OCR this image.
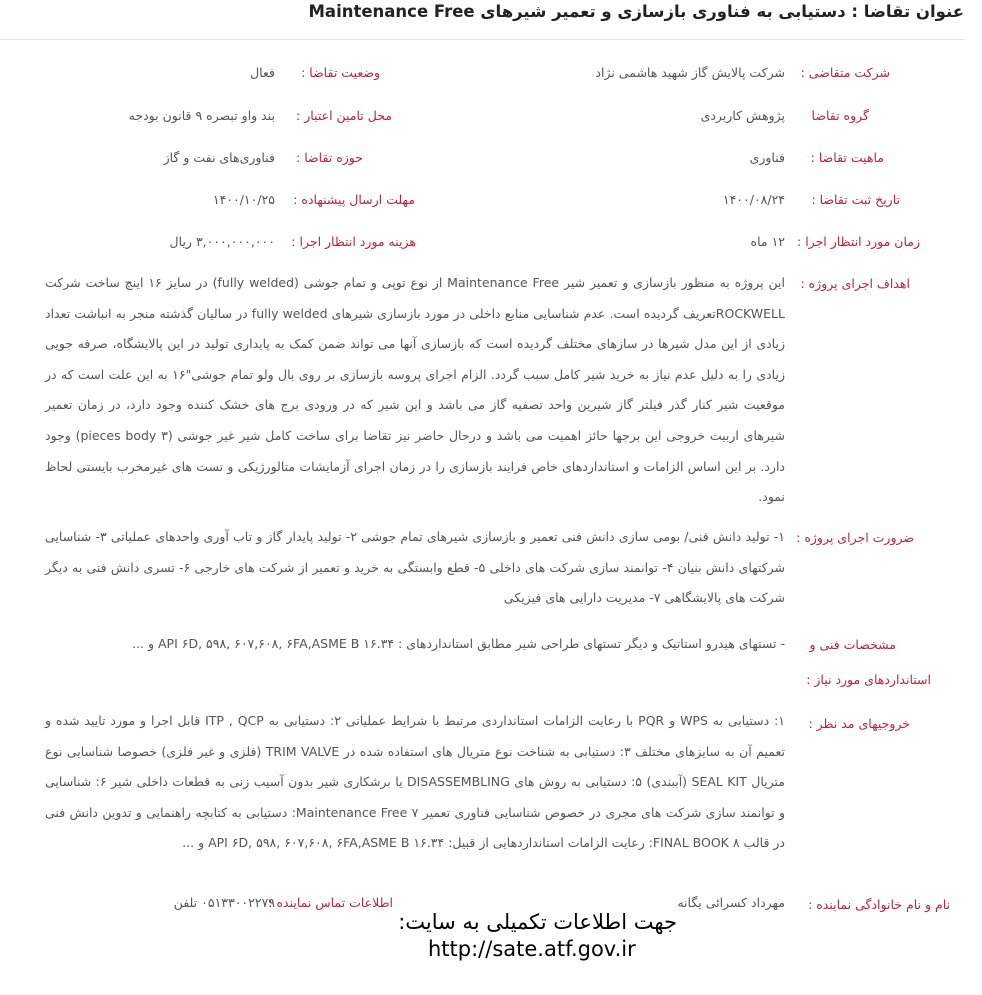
عنوان تقاضا : دستیابی به فناوری بازسازی و تعمیر شیرهای Maintenance Free
شرکت متقاضی :
شرکت پالایش گاز شهید هاشمی نژاد
وضعیت تقاضا :
فعال
گروه تقاضا
پژوهش کاربردی
محل تامین اعتبار :
بند واو تبصره ۹ قانون بودجه
ماهیت تقاضا :
فناوری
حوزه تقاضا :
فناوری‌های نفت و گاز
تاریخ ثبت تقاضا :
۱۴۰۰/۰۸/۲۴
مهلت ارسال پیشنهاده :
۱۴۰۰/۱۰/۲۵
زمان مورد انتظار اجرا :
۱۲ ماه
هزینه مورد انتظار اجرا :
۳,۰۰۰,۰۰۰,۰۰۰ ریال
اهداف اجرای پروژه :
این پروژه به منظور بازسازی و تعمیر شیر Maintenance Free از نوع توپی و تمام جوشی (fully welded) در سایز ۱۶ اینچ ساخت شرکت ROCKWELLتعریف گردیده است. عدم شناسایی منابع داخلی در مورد بازسازی شیرهای fully welded در سالیان گذشته منجر به انباشت تعداد زیادی از این مدل شیرها در سازهای مختلف گردیده است که بازسازی آنها می تواند ضمن کمک به پایداری تولید در این پالایشگاه، صرفه جویی زیادی را به دلیل عدم نیاز به خرید شیر کامل سبب گردد. الزام اجرای پروسه بازسازی بر روی بال ولو تمام جوشی"۱۶ به این علت است که در موقعیت شیر کنار گذر فیلتر گاز شیرین واحد تصفیه گاز می باشد و این شیر که در ورودی برج های خشک کننده وجود دارد، در زمان تعمیر شیرهای اربیت خروجی این برجها حائز اهمیت می باشد و درحال حاضر نیز تقاضا برای ساخت کامل شیر غیر جوشی (۳ pieces body) وجود دارد. بر این اساس الزامات و استانداردهای خاص فرایند بازسازی را در زمان اجرای آزمایشات متالورژیکی و تست های غیرمخرب بایستی لحاظ نمود.
ضرورت اجرای پروژه :
۱- تولید دانش فنی/ بومی سازی دانش فنی تعمیر و بازسازی شیرهای تمام جوشی ۲- تولید پایدار گاز و تاب آوری واحدهای عملیاتی ۳- شناسایی شرکتهای دانش بنیان ۴- توانمند سازی شرکت های داخلی ۵- قطع وابستگی به خرید و تعمیر از شرکت های خارجی ۶- تسری دانش فنی به دیگر شرکت های پالایشگاهی ۷- مدیریت دارایی های فیزیکی
مشخصات فنی و
استانداردهای مورد نیاز :
- تستهای هیدرو استاتیک و دیگر تستهای طراحی شیر مطابق استانداردهای : API ۶D, ۵۹۸, ۶۰۷,۶۰۸, ۶FA,ASME B ۱۶.۳۴ و ...
خروجیهای مد نظر :
۱: دستیابی به WPS و PQR با رعایت الزامات استانداردی مرتبط با شرایط عملیاتی ۲: دستیابی به ITP , QCP قابل اجرا و مورد تایید شده و تعمیم آن به سایزهای مختلف ۳: دستیابی به شناخت نوع متریال های استفاده شده در TRIM VALVE (فلزی و غیر فلزی) خصوصا شناسایی نوع متریال SEAL KIT (آببندی) ۵: دستیابی به روش های DISASSEMBLING یا برشکاری شیر بدون آسیب زنی به قطعات داخلی شیر ۶: شناسایی و توانمند سازی شرکت های مجری در خصوص شناسایی فناوری تعمیر Maintenance Free ۷: دستیابی به کتابچه راهنمایی و تدوین دانش فنی در قالب ۸ FINAL BOOK: رعایت الزامات استانداردهایی از قبیل: API ۶D, ۵۹۸, ۶۰۷,۶۰۸, ۶FA,ASME B ۱۶.۳۴ و ...
نام و نام خانوادگی نماینده :
مهرداد کسرائی یگانه
اطلاعات تماس نماینده :
۰۵۱۳۳۰۰۲۲۷۹ تلفن
جهت اطلاعات تکمیلی به سایت:
http://sate.atf.gov.ir
